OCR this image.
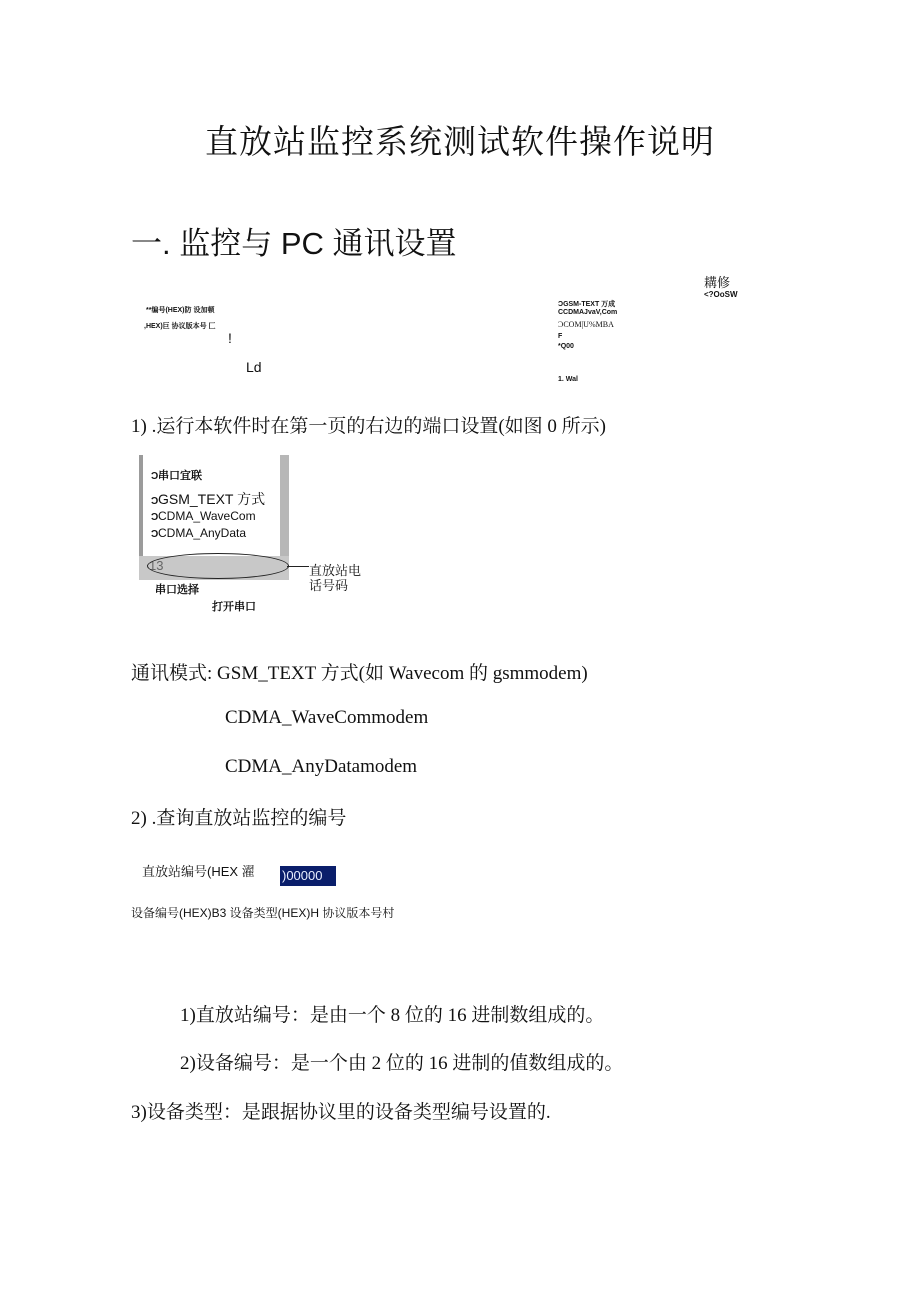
直放站监控系统测试软件操作说明
一. 监控与 PC 通讯设置
耩修
<?OoSW
**编号(HEX)防 设加顿
,HEX)巨 协议版本号 匚
!
Ld
ƆGSM-TEXT 万成
CCDMAJvaV,Com
ƆCOM|U%MBA
F
*Q00
1. Wal
1) .运行本软件时在第一页的右边的端口设置(如图 0 所示)
Ɔ串口宜联
ƆGSM_TEXT 方式
ƆCDMA_WaveCom
ƆCDMA_AnyData
13	直放站电
话号码
串口选择
打开串口
通讯模式: GSM_TEXT 方式(如 Wavecom 的 gsmmodem)
CDMA_WaveCommodem
CDMA_AnyDatamodem
2) .查询直放站监控的编号
直放站编号(HEX 濯 )00000
设备编号(HEX)B3 设备类型(HEX)H 协议版本号村
1)直放站编号：是由一个 8 位的 16 进制数组成的。
2)设备编号：是一个由 2 位的 16 进制的值数组成的。
3)设备类型：是跟据协议里的设备类型编号设置的.
